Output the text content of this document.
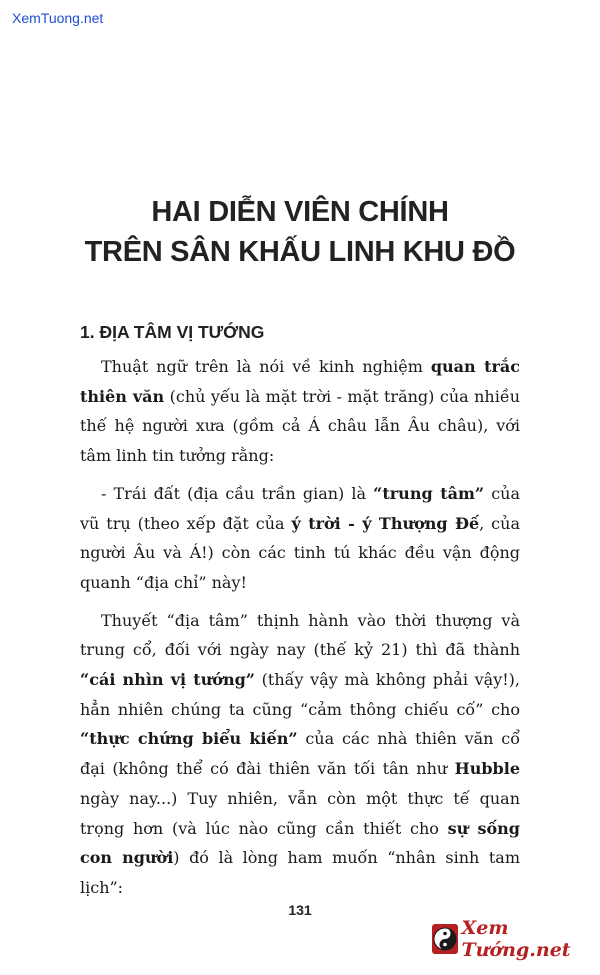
XemTuong.net
HAI DIỄN VIÊN CHÍNH
TRÊN SÂN KHẤU LINH KHU ĐỒ
1. ĐỊA TÂM VỊ TƯỚNG

Thuật ngữ trên là nói về kinh nghiệm quan trắc thiên văn (chủ yếu là mặt trời - mặt trăng) của nhiều thế hệ người xưa (gồm cả Á châu lẫn Âu châu), với tâm linh tin tưởng rằng:

- Trái đất (địa cầu trần gian) là “trung tâm” của vũ trụ (theo xếp đặt của ý trời - ý Thượng Đế, của người Âu và Á!) còn các tinh tú khác đều vận động quanh “địa chỉ” này!

Thuyết “địa tâm” thịnh hành vào thời thượng và trung cổ, đối với ngày nay (thế kỷ 21) thì đã thành “cái nhìn vị tướng” (thấy vậy mà không phải vậy!), hẳn nhiên chúng ta cũng “cảm thông chiếu cố” cho “thực chứng biểu kiến” của các nhà thiên văn cổ đại (không thể có đài thiên văn tối tân như Hubble ngày nay...) Tuy nhiên, vẫn còn một thực tế quan trọng hơn (và lúc nào cũng cần thiết cho sự sống con người) đó là lòng ham muốn “nhân sinh tam lịch”:

131
Xem Tướng.net
